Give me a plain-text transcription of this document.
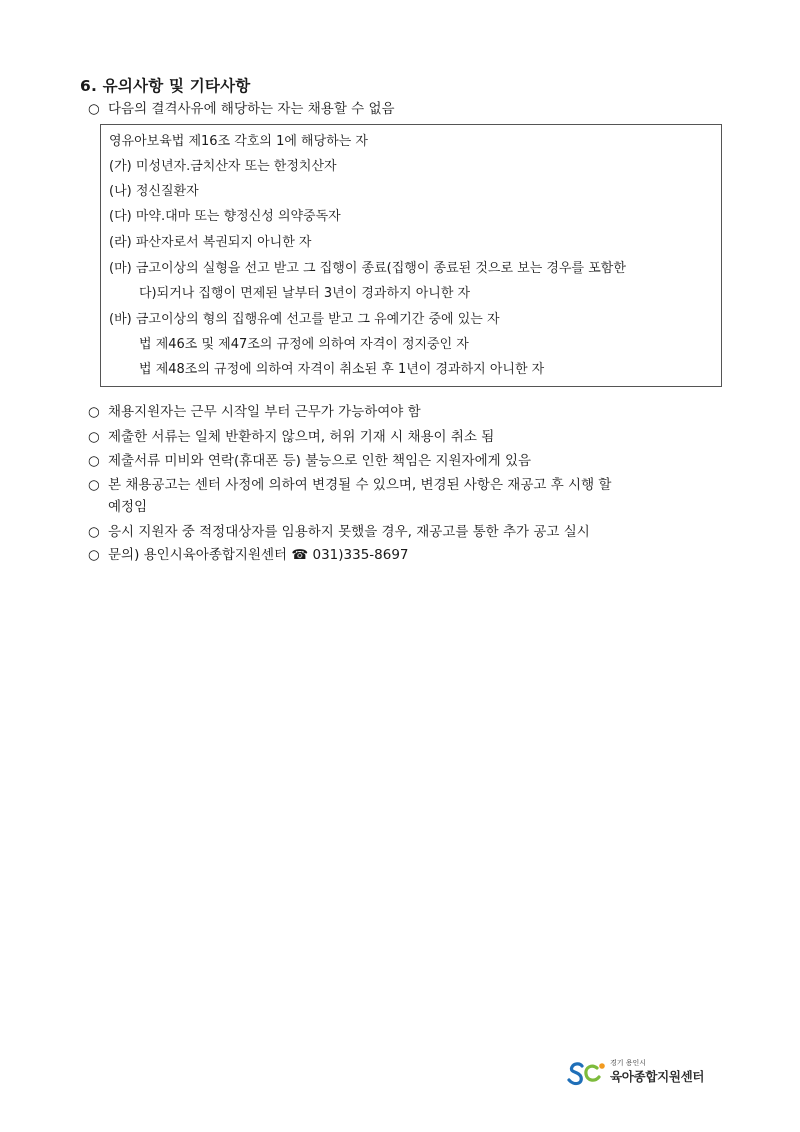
6. 유의사항 및 기타사항
○ 다음의 결격사유에 해당하는 자는 채용할 수 없음
영유아보육법 제16조 각호의 1에 해당하는 자
(가) 미성년자.금치산자 또는 한정치산자
(나) 정신질환자
(다) 마약.대마 또는 향정신성 의약중독자
(라) 파산자로서 복권되지 아니한 자
(마) 금고이상의 실형을 선고 받고 그 집행이 종료(집행이 종료된 것으로 보는 경우를 포함한
다)되거나 집행이 면제된 날부터 3년이 경과하지 아니한 자
(바) 금고이상의 형의 집행유예 선고를 받고 그 유예기간 중에 있는 자
법 제46조 및 제47조의 규정에 의하여 자격이 정지중인 자
법 제48조의 규정에 의하여 자격이 취소된 후 1년이 경과하지 아니한 자
○ 채용지원자는 근무 시작일 부터 근무가 가능하여야 함
○ 제출한 서류는 일체 반환하지 않으며, 허위 기재 시 채용이 취소 됨
○ 제출서류 미비와 연락(휴대폰 등) 불능으로 인한 책임은 지원자에게 있음
○ 본 채용공고는 센터 사정에 의하여 변경될 수 있으며, 변경된 사항은 재공고 후 시행 할
예정임
○ 응시 지원자 중 적정대상자를 임용하지 못했을 경우, 재공고를 통한 추가 공고 실시
○ 문의) 용인시육아종합지원센터 ☎ 031)335-8697
경기 용인시
육아종합지원센터
